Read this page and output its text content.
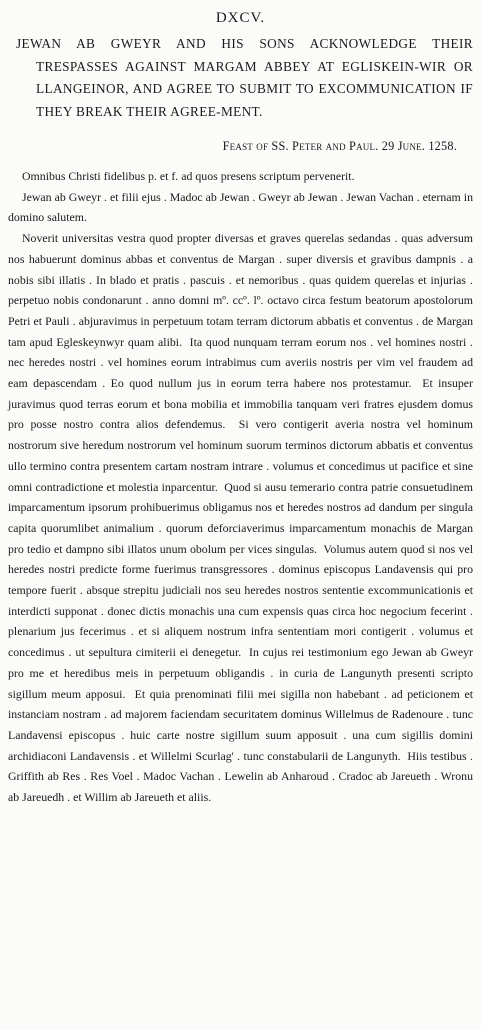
DXCV.
JEWAN AB GWEYR AND HIS SONS ACKNOWLEDGE THEIR TRESPASSES AGAINST MARGAM ABBEY AT EGLISKEIN-WIR OR LLANGEINOR, AND AGREE TO SUBMIT TO EXCOMMUNICATION IF THEY BREAK THEIR AGREE-MENT.
Feast of SS. Peter and Paul. 29 June. 1258.

Omnibus Christi fidelibus p. et f. ad quos presens scriptum pervenerit.

Jewan ab Gweyr . et filii ejus . Madoc ab Jewan . Gweyr ab Jewan . Jewan Vachan . eternam in domino salutem.

Noverit universitas vestra quod propter diversas et graves querelas sedandas . quas adversum nos habuerunt dominus abbas et conventus de Margan . super diversis et gravibus dampnis . a nobis sibi illatis . In blado et pratis . pascuis . et nemoribus . quas quidem querelas et injurias . perpetuo nobis condonarunt . anno domni mº. ccº. lº. octavo circa festum beatorum apostolorum Petri et Pauli . abjuravimus in perpetuum totam terram dictorum abbatis et conventus . de Margan tam apud Egleskeynwyr quam alibi.  Ita quod nunquam terram eorum nos . vel homines nostri . nec heredes nostri . vel homines eorum intrabimus cum averiis nostris per vim vel fraudem ad eam depascendam . Eo quod nullum jus in eorum terra habere nos protestamur.  Et insuper juravimus quod terras eorum et bona mobilia et immobilia tanquam veri fratres ejusdem domus pro posse nostro contra alios defendemus.  Si vero contigerit averia nostra vel hominum nostrorum sive heredum nostrorum vel hominum suorum terminos dictorum abbatis et conventus ullo termino contra presentem cartam nostram intrare . volumus et concedimus ut pacifice et sine omni contradictione et molestia inparcentur.  Quod si ausu temerario contra patrie consuetudinem imparcamentum ipsorum prohibuerimus obligamus nos et heredes nostros ad dandum per singula capita quorumlibet animalium . quorum deforciaverimus imparcamentum monachis de Margan pro tedio et dampno sibi illatos unum obolum per vices singulas.  Volumus autem quod si nos vel heredes nostri predicte forme fuerimus transgressores . dominus episcopus Landavensis qui pro tempore fuerit . absque strepitu judiciali nos seu heredes nostros sententie excommunicationis et interdicti supponat . donec dictis monachis una cum expensis quas circa hoc negocium fecerint . plenarium jus fecerimus . et si aliquem nostrum infra sententiam mori contigerit . volumus et concedimus . ut sepultura cimiterii ei denegetur.  In cujus rei testimonium ego Jewan ab Gweyr pro me et heredibus meis in perpetuum obligandis . in curia de Langunyth presenti scripto sigillum meum apposui.  Et quia prenominati filii mei sigilla non habebant . ad peticionem et instanciam nostram . ad majorem faciendam securitatem dominus Willelmus de Radenoure . tunc Landavensi episcopus . huic carte nostre sigillum suum apposuit . una cum sigillis domini archidiaconi Landavensis . et Willelmi Scurlag' . tunc constabularii de Langunyth.  Hiis testibus . Griffith ab Res . Res Voel . Madoc Vachan . Lewelin ab Anharoud . Cradoc ab Jareueth . Wronu ab Jareuedh . et Willim ab Jareueth et aliis.
